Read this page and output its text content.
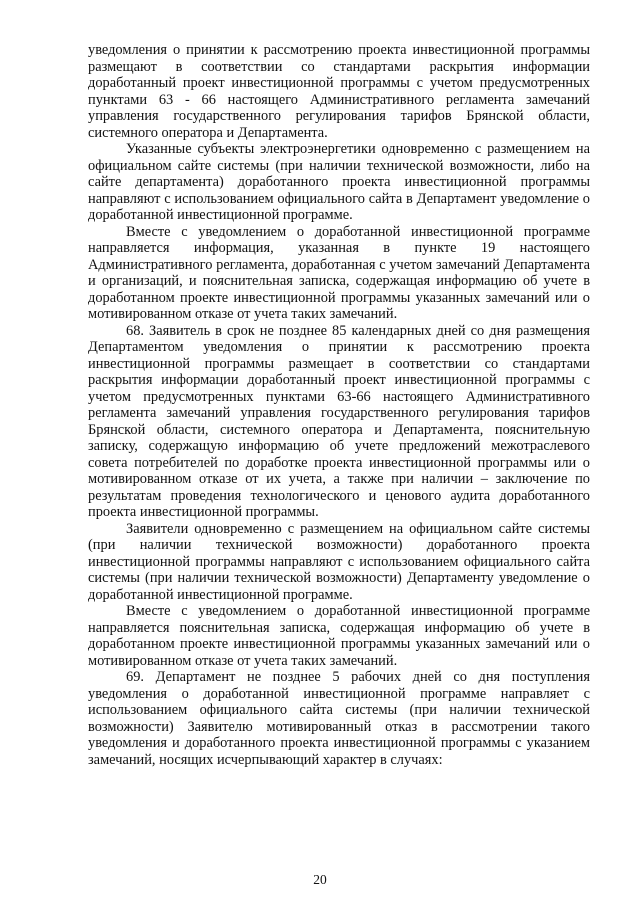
уведомления о принятии к рассмотрению проекта инвестиционной программы размещают в соответствии со стандартами раскрытия информации доработанный проект инвестиционной программы с учетом предусмотренных пунктами 63 - 66 настоящего Административного регламента замечаний управления государственного регулирования тарифов Брянской области, системного оператора и Департамента.

Указанные субъекты электроэнергетики одновременно с размещением на официальном сайте системы (при наличии технической возможности, либо на сайте департамента) доработанного проекта инвестиционной программы направляют с использованием официального сайта в Департамент уведомление о доработанной инвестиционной программе.

Вместе с уведомлением о доработанной инвестиционной программе направляется информация, указанная в пункте 19 настоящего Административного регламента, доработанная с учетом замечаний Департамента и организаций, и пояснительная записка, содержащая информацию об учете в доработанном проекте инвестиционной программы указанных замечаний или о мотивированном отказе от учета таких замечаний.

68. Заявитель в срок не позднее 85 календарных дней со дня размещения Департаментом уведомления о принятии к рассмотрению проекта инвестиционной программы размещает в соответствии со стандартами раскрытия информации доработанный проект инвестиционной программы с учетом предусмотренных пунктами 63-66 настоящего Административного регламента замечаний управления государственного регулирования тарифов Брянской области, системного оператора и Департамента, пояснительную записку, содержащую информацию об учете предложений межотраслевого совета потребителей по доработке проекта инвестиционной программы или о мотивированном отказе от их учета, а также при наличии – заключение по результатам проведения технологического и ценового аудита доработанного проекта инвестиционной программы.

Заявители одновременно с размещением на официальном сайте системы (при наличии технической возможности) доработанного проекта инвестиционной программы направляют с использованием официального сайта системы (при наличии технической возможности) Департаменту уведомление о доработанной инвестиционной программе.

Вместе с уведомлением о доработанной инвестиционной программе направляется пояснительная записка, содержащая информацию об учете в доработанном проекте инвестиционной программы указанных замечаний или о мотивированном отказе от учета таких замечаний.

69. Департамент не позднее 5 рабочих дней со дня поступления уведомления о доработанной инвестиционной программе направляет с использованием официального сайта системы (при наличии технической возможности) Заявителю мотивированный отказ в рассмотрении такого уведомления и доработанного проекта инвестиционной программы с указанием замечаний, носящих исчерпывающий характер в случаях:

20
